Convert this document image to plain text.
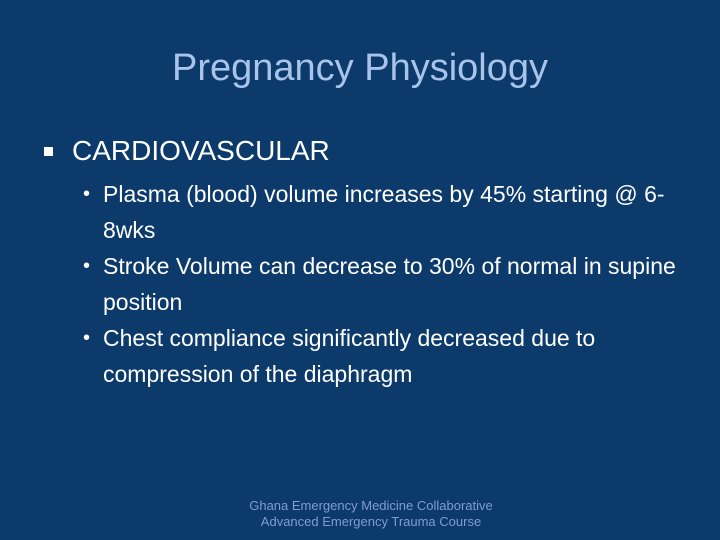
Pregnancy Physiology
CARDIOVASCULAR
• Plasma (blood) volume increases by 45% starting @ 6-8wks
• Stroke Volume can decrease to 30% of normal in supine position
• Chest compliance significantly decreased due to compression of the diaphragm
Ghana Emergency Medicine Collaborative
Advanced Emergency Trauma Course
